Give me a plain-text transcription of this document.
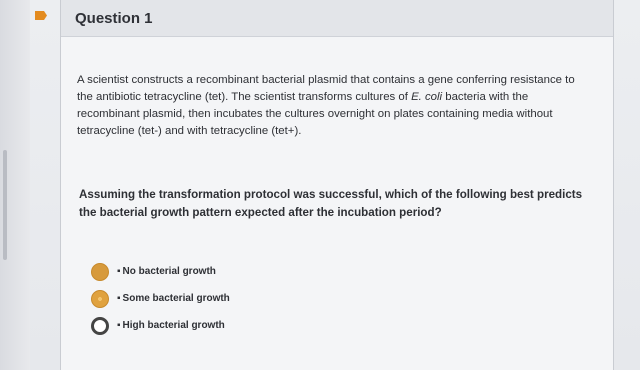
Question 1
A scientist constructs a recombinant bacterial plasmid that contains a gene conferring resistance to the antibiotic tetracycline (tet). The scientist transforms cultures of E. coli bacteria with the recombinant plasmid, then incubates the cultures overnight on plates containing media without tetracycline (tet-) and with tetracycline (tet+).
Assuming the transformation protocol was successful, which of the following best predicts the bacterial growth pattern expected after the incubation period?
▪ No bacterial growth
▪ Some bacterial growth
▪ High bacterial growth
